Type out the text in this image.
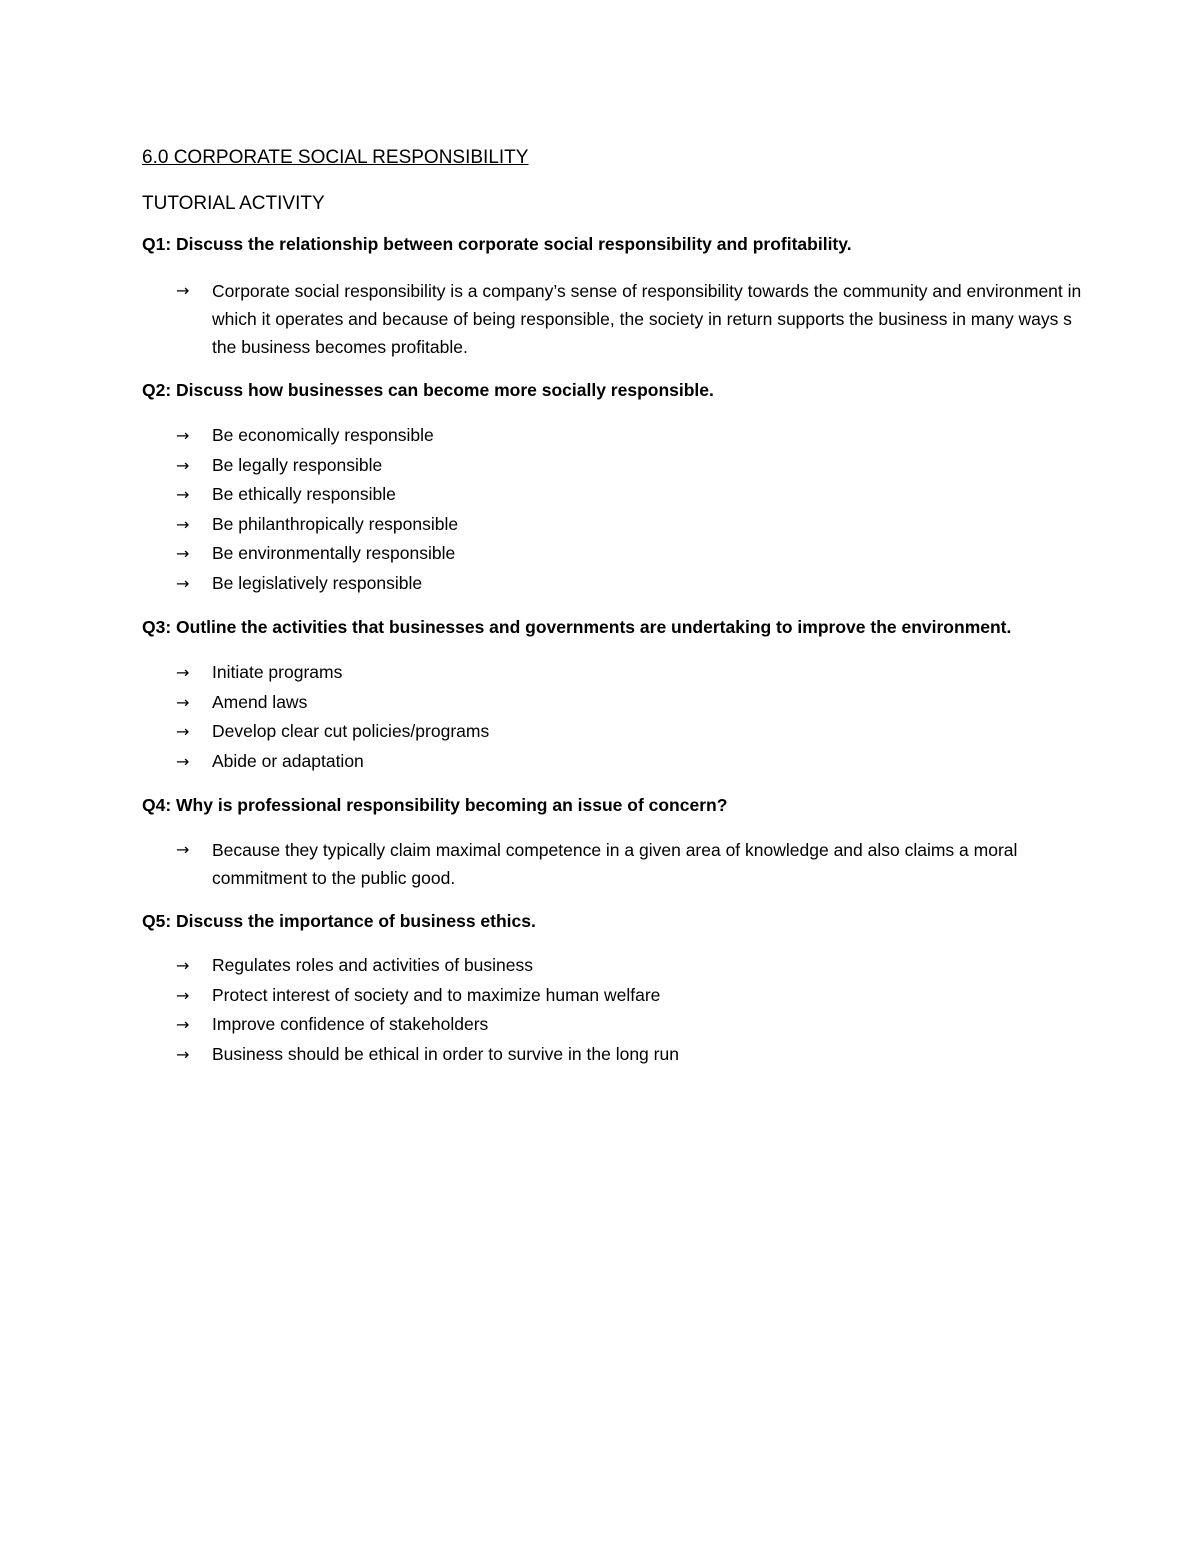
6.0 CORPORATE SOCIAL RESPONSIBILITY
TUTORIAL ACTIVITY

Q1: Discuss the relationship between corporate social responsibility and profitability.

→	Corporate social responsibility is a company’s sense of responsibility towards the community and environment in which it operates and because of being responsible, the society in return supports the business in many ways s the business becomes profitable.

Q2: Discuss how businesses can become more socially responsible.

→	Be economically responsible
→	Be legally responsible
→	Be ethically responsible
→	Be philanthropically responsible
→	Be environmentally responsible
→	Be legislatively responsible

Q3: Outline the activities that businesses and governments are undertaking to improve the environment.

→	Initiate programs
→	Amend laws
→	Develop clear cut policies/programs
→	Abide or adaptation

Q4: Why is professional responsibility becoming an issue of concern?

→	Because they typically claim maximal competence in a given area of knowledge and also claims a moral commitment to the public good.

Q5: Discuss the importance of business ethics.

→	Regulates roles and activities of business
→	Protect interest of society and to maximize human welfare
→	Improve confidence of stakeholders
→	Business should be ethical in order to survive in the long run
